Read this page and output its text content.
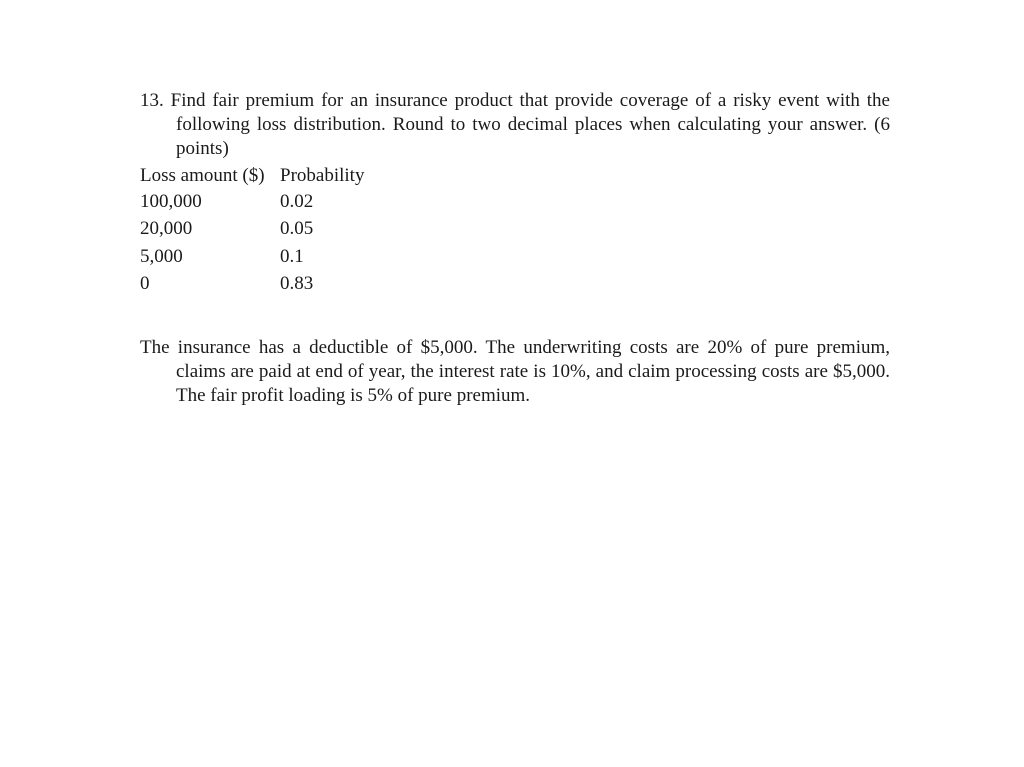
13. Find fair premium for an insurance product that provide coverage of a risky event with the following loss distribution. Round to two decimal places when calculating your answer. (6 points)

Loss amount ($)	Probability
100,000	0.02
20,000	0.05
5,000	0.1
0	0.83

The insurance has a deductible of $5,000. The underwriting costs are 20% of pure premium, claims are paid at end of year, the interest rate is 10%, and claim processing costs are $5,000. The fair profit loading is 5% of pure premium.
